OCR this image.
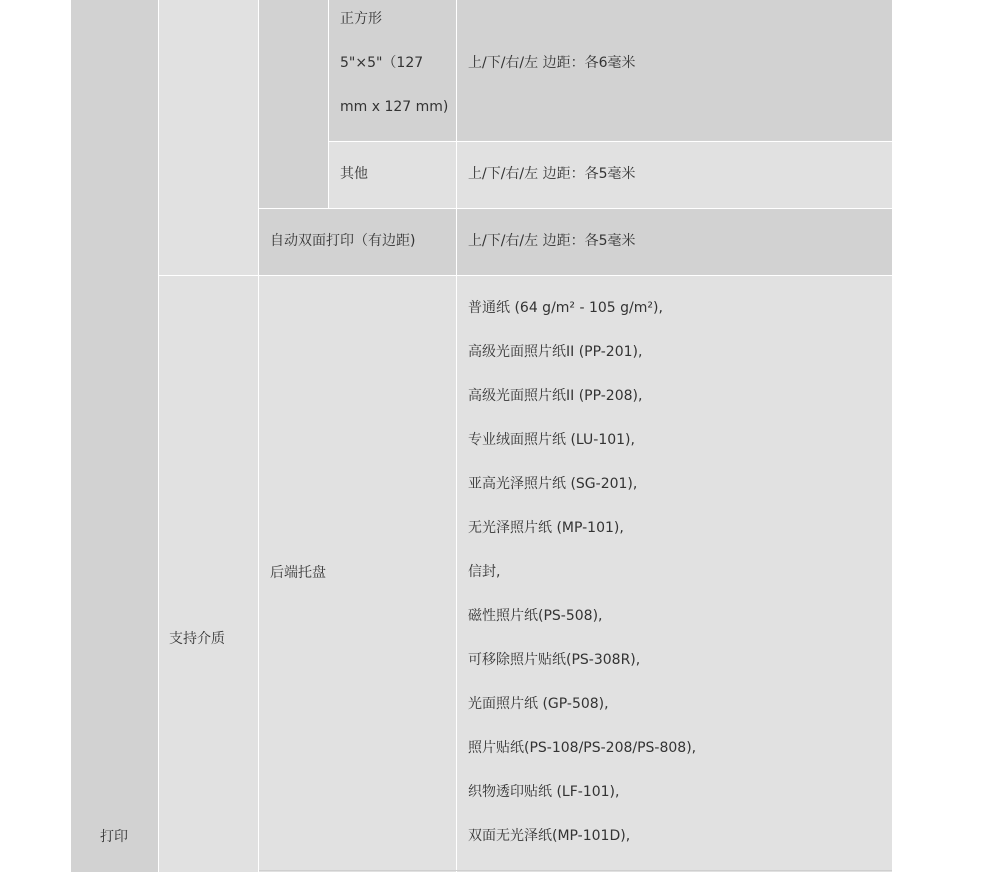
打印
支持介质
正方形
5"×5"（127
mm x 127 mm)
上/下/右/左 边距：各6毫米
其他	上/下/右/左 边距：各5毫米
自动双面打印（有边距)	上/下/右/左 边距：各5毫米
后端托盘
普通纸 (64 g/m² - 105 g/m²),
高级光面照片纸II (PP-201),
高级光面照片纸II (PP-208),
专业绒面照片纸 (LU-101),
亚高光泽照片纸 (SG-201),
无光泽照片纸 (MP-101),
信封,
磁性照片纸(PS-508),
可移除照片贴纸(PS-308R),
光面照片纸 (GP-508),
照片贴纸(PS-108/PS-208/PS-808),
织物透印贴纸 (LF-101),
双面无光泽纸(MP-101D),
